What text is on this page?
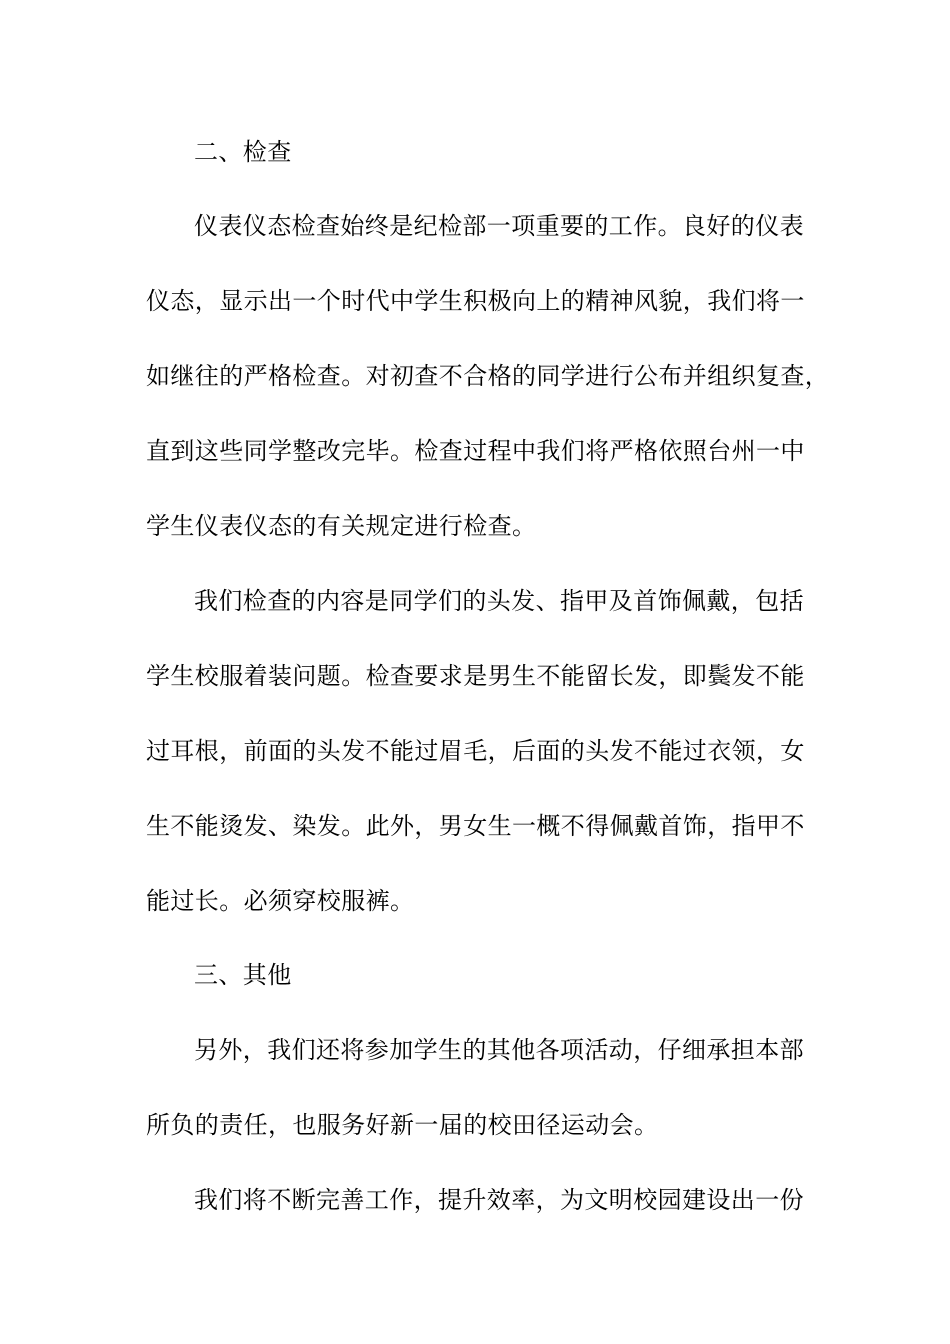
二、检查
仪表仪态检查始终是纪检部一项重要的工作。良好的仪表
仪态，显示出一个时代中学生积极向上的精神风貌，我们将一
如继往的严格检查。对初查不合格的同学进行公布并组织复查，
直到这些同学整改完毕。检查过程中我们将严格依照台州一中
学生仪表仪态的有关规定进行检查。
我们检查的内容是同学们的头发、指甲及首饰佩戴，包括
学生校服着装问题。检查要求是男生不能留长发，即鬓发不能
过耳根，前面的头发不能过眉毛，后面的头发不能过衣领，女
生不能烫发、染发。此外，男女生一概不得佩戴首饰，指甲不
能过长。必须穿校服裤。
三、其他
另外，我们还将参加学生的其他各项活动，仔细承担本部
所负的责任，也服务好新一届的校田径运动会。
我们将不断完善工作，提升效率，为文明校园建设出一份
